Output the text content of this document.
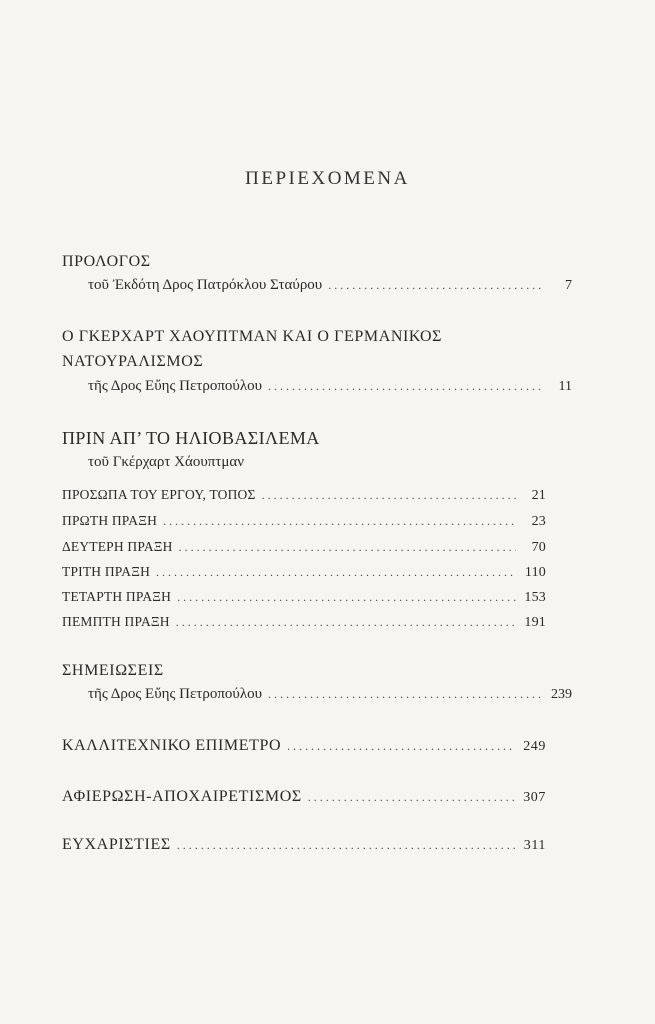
ΠΕΡΙΕΧΟΜΕΝΑ
ΠΡΟΛΟΓΟΣ
τοῦ Ἐκδότη Δρος Πατρόκλου Σταύρου . . .	7
Ο ΓΚΕΡΧΑΡΤ ΧΑΟΥΠΤΜΑΝ ΚΑΙ Ο ΓΕΡΜΑΝΙΚΟΣ
ΝΑΤΟΥΡΑΛΙΣΜΟΣ
τῆς Δρος Εὔης Πετροπούλου . . .	11
ΠΡΙΝ ΑΠ’ ΤΟ ΗΛΙΟΒΑΣΙΛΕΜΑ
τοῦ Γκέρχαρτ Χάουπτμαν
ΠΡΟΣΩΠΑ ΤΟΥ ΕΡΓΟΥ, ΤΟΠΟΣ . . .	21
ΠΡΩΤΗ ΠΡΑΞΗ . . .	23
ΔΕΥΤΕΡΗ ΠΡΑΞΗ . . .	70
ΤΡΙΤΗ ΠΡΑΞΗ . . .	110
ΤΕΤΑΡΤΗ ΠΡΑΞΗ . . .	153
ΠΕΜΠΤΗ ΠΡΑΞΗ . . .	191
ΣΗΜΕΙΩΣΕΙΣ
τῆς Δρος Εὔης Πετροπούλου . . .	239
ΚΑΛΛΙΤΕΧΝΙΚΟ ΕΠΙΜΕΤΡΟ . . .	249
ΑΦΙΕΡΩΣΗ-ΑΠΟΧΑΙΡΕΤΙΣΜΟΣ . . .	307
ΕΥΧΑΡΙΣΤΙΕΣ . . .	311
